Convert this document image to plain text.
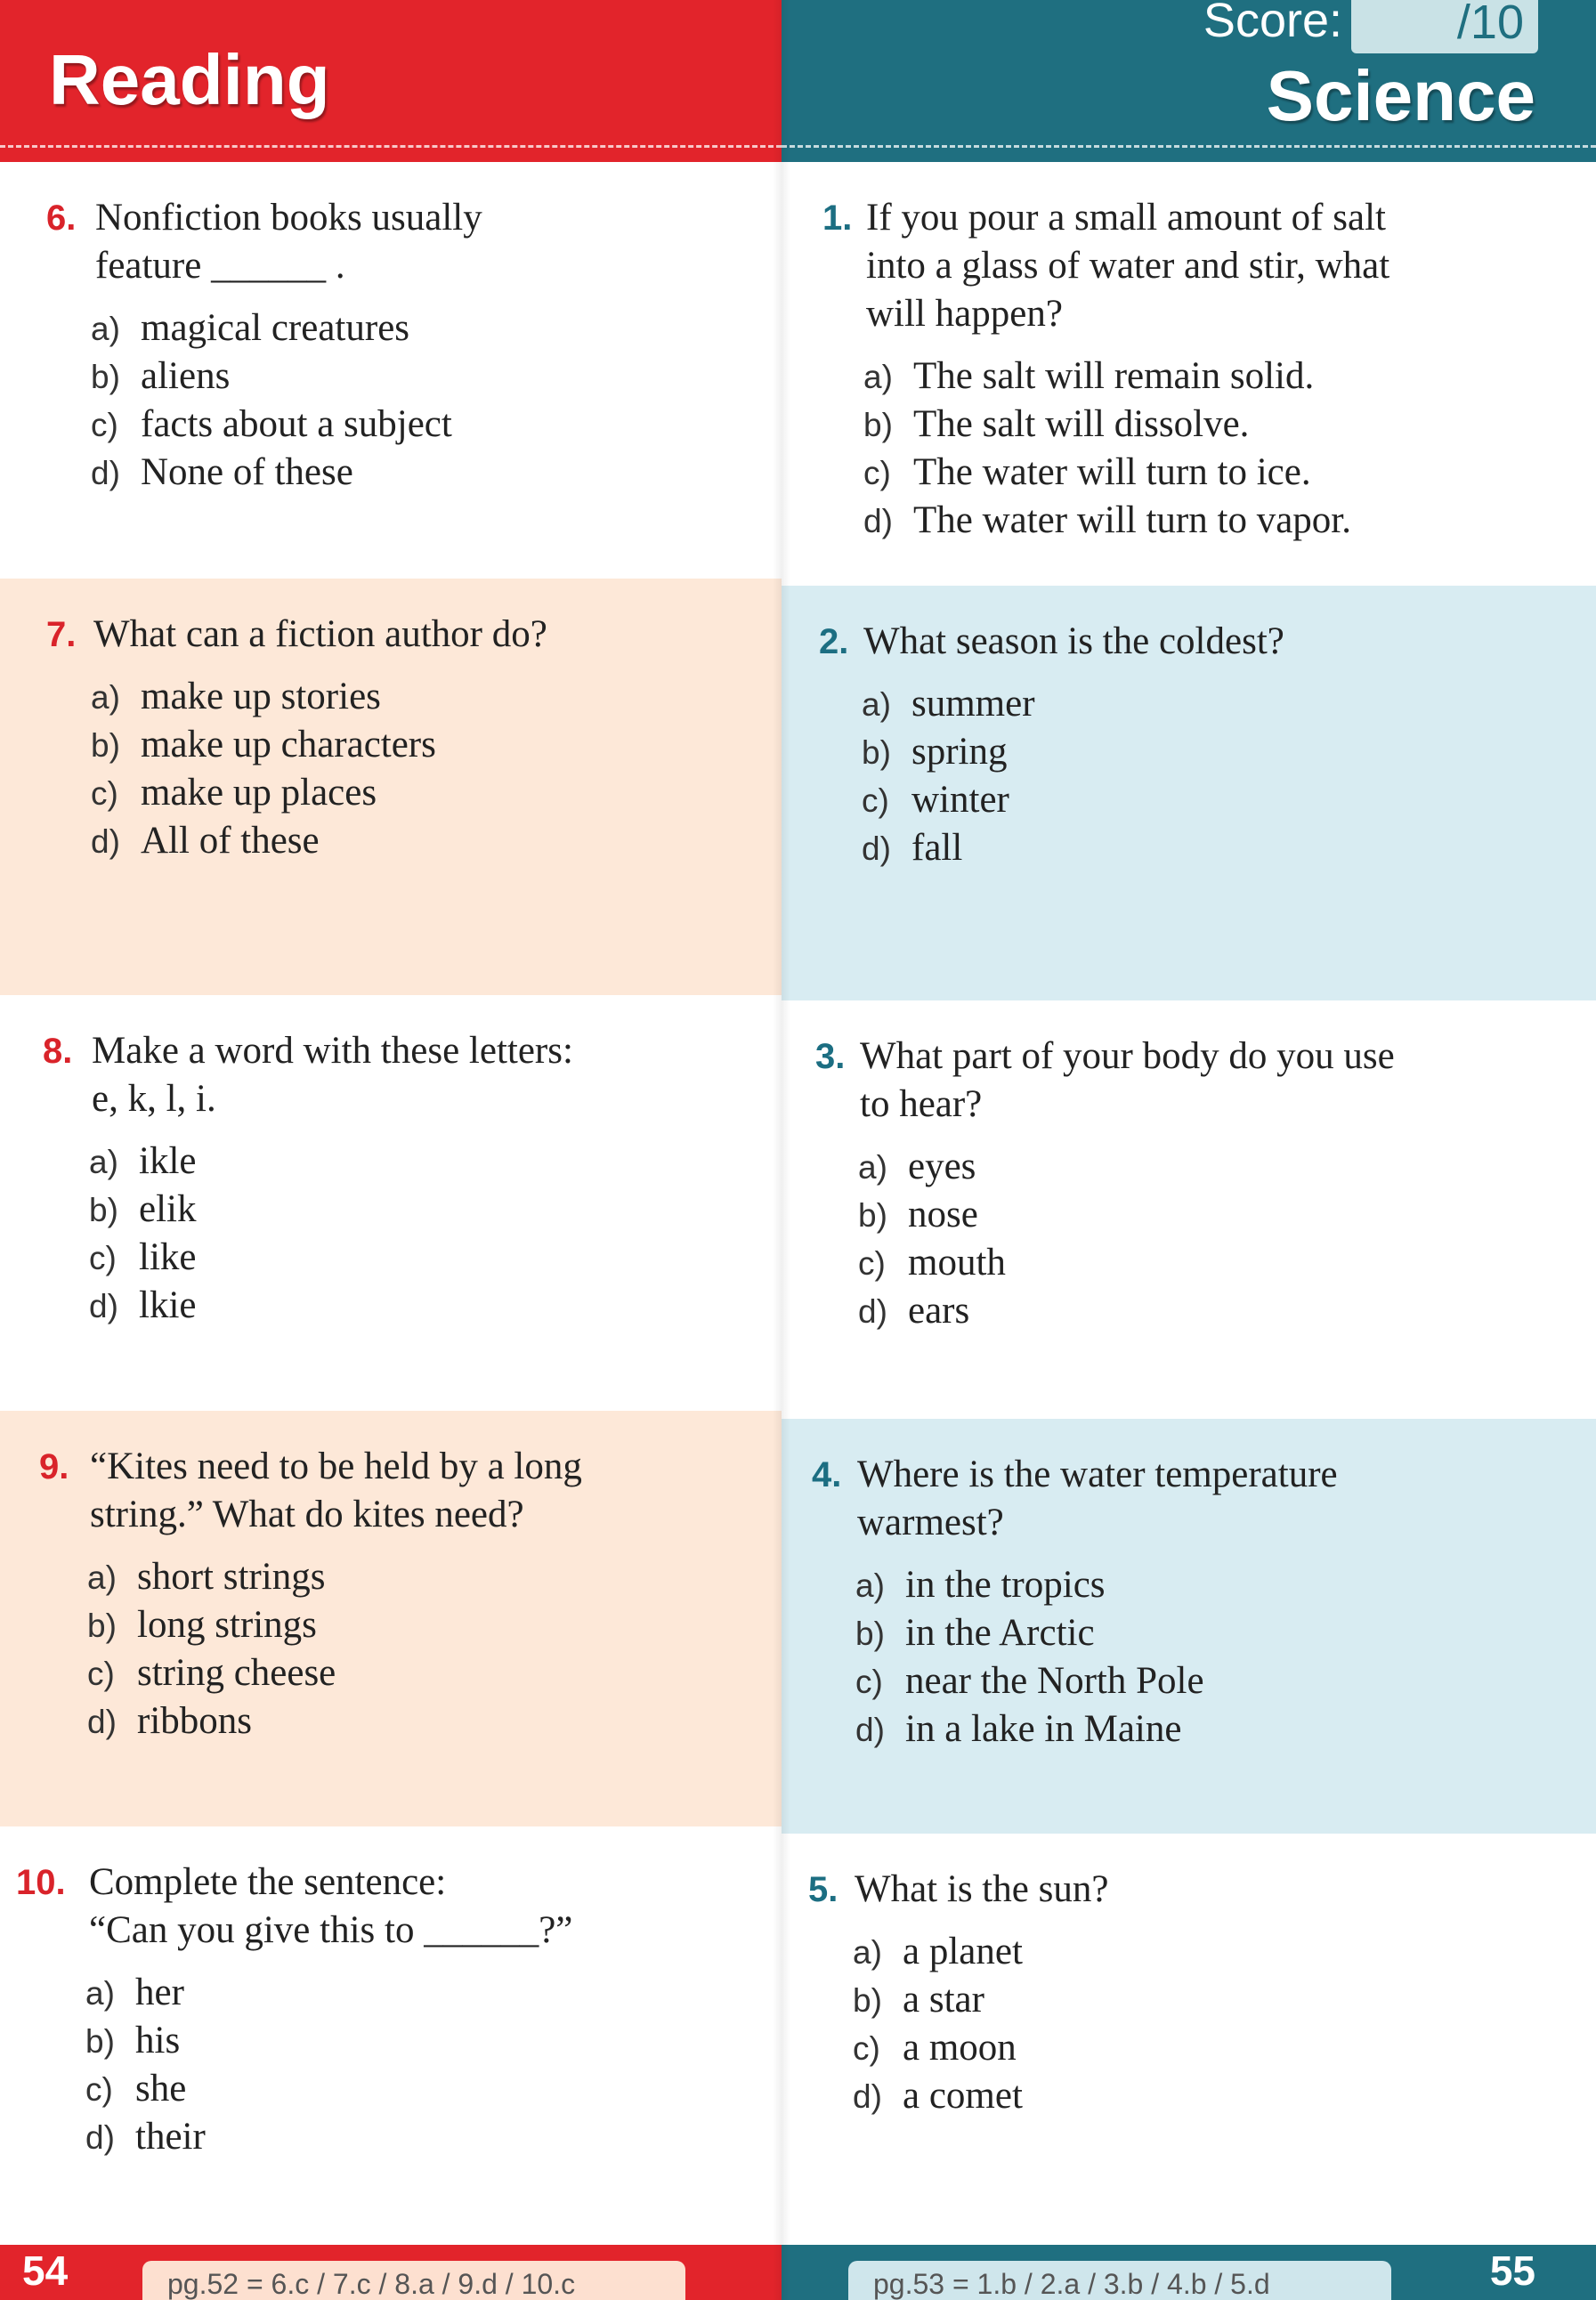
Reading
6. Nonfiction books usually
feature ______ .
a) magical creatures
b) aliens
c) facts about a subject
d) None of these
7. What can a fiction author do?
a) make up stories
b) make up characters
c) make up places
d) All of these
8. Make a word with these letters:
e, k, l, i.
a) ikle
b) elik
c) like
d) lkie
9. “Kites need to be held by a long
string.” What do kites need?
a) short strings
b) long strings
c) string cheese
d) ribbons
10. Complete the sentence:
“Can you give this to ______?”
a) her
b) his
c) she
d) their
54	pg.52 = 6.c / 7.c / 8.a / 9.d / 10.c
/10
Score:
Science
1. If you pour a small amount of salt
into a glass of water and stir, what
will happen?
a) The salt will remain solid.
b) The salt will dissolve.
c) The water will turn to ice.
d) The water will turn to vapor.
2. What season is the coldest?
a) summer
b) spring
c) winter
d) fall
3. What part of your body do you use
to hear?
a) eyes
b) nose
c) mouth
d) ears
4. Where is the water temperature
warmest?
a) in the tropics
b) in the Arctic
c) near the North Pole
d) in a lake in Maine
5. What is the sun?
a) a planet
b) a star
c) a moon
d) a comet
pg.53 = 1.b / 2.a / 3.b / 4.b / 5.d	55
